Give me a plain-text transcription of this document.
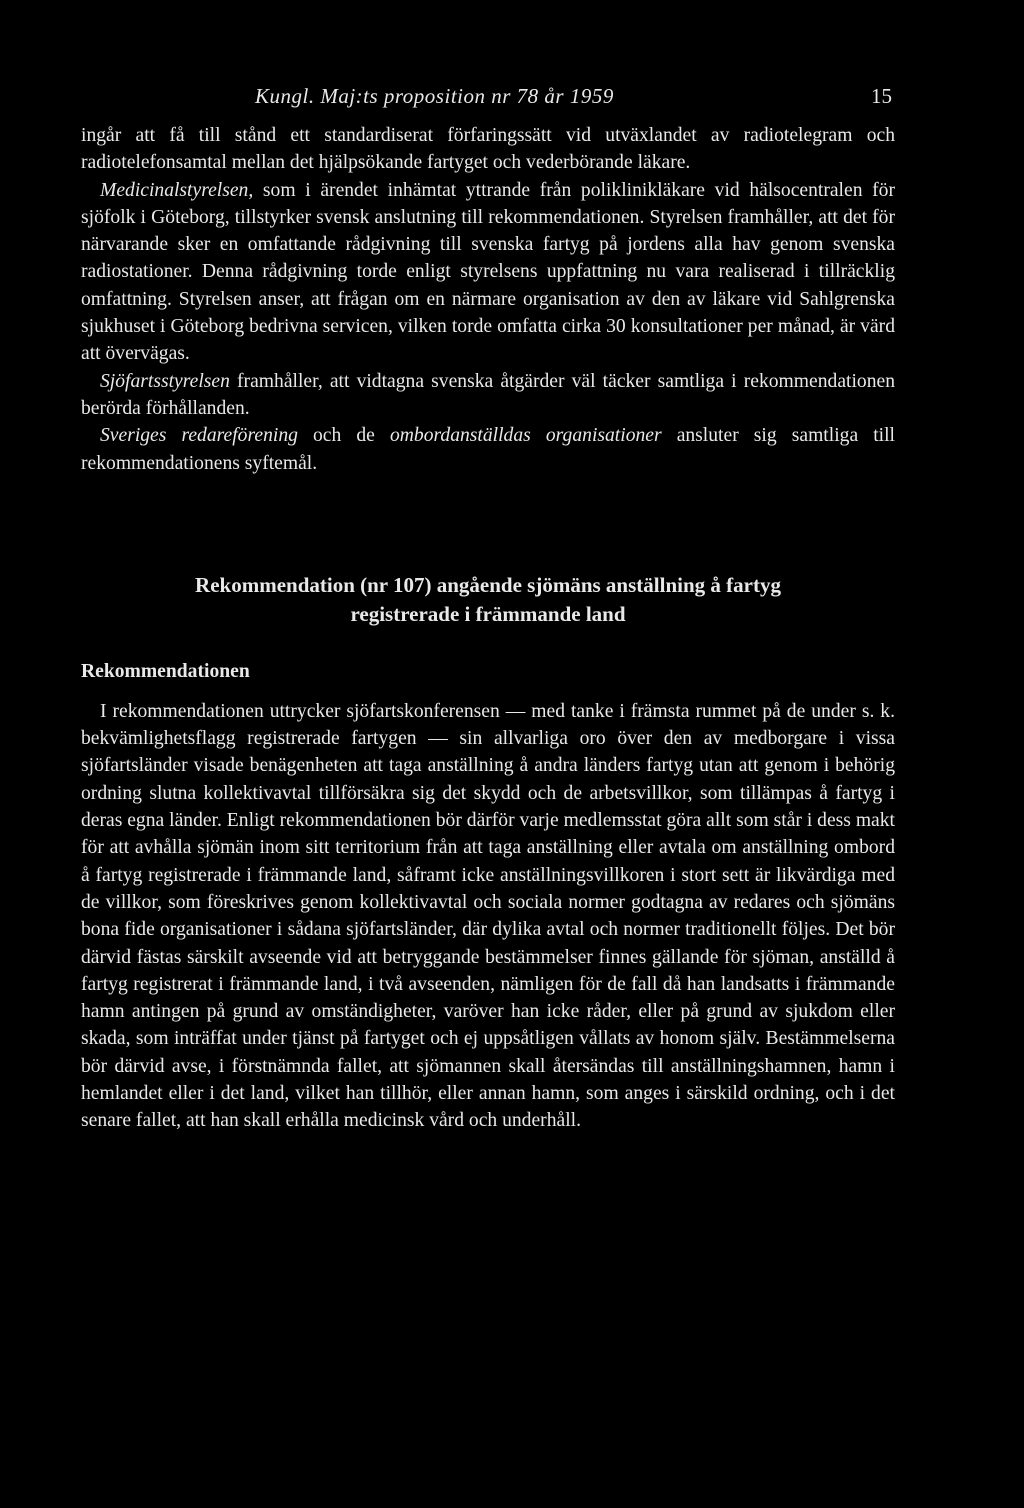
Kungl. Maj:ts proposition nr 78 år 1959	15

ingår att få till stånd ett standardiserat förfaringssätt vid utväxlandet av radiotelegram och radiotelefonsamtal mellan det hjälpsökande fartyget och vederbörande läkare.

Medicinalstyrelsen, som i ärendet inhämtat yttrande från poliklinikläkare vid hälsocentralen för sjöfolk i Göteborg, tillstyrker svensk anslutning till rekommendationen. Styrelsen framhåller, att det för närvarande sker en omfattande rådgivning till svenska fartyg på jordens alla hav genom svenska radiostationer. Denna rådgivning torde enligt styrelsens uppfattning nu vara realiserad i tillräcklig omfattning. Styrelsen anser, att frågan om en närmare organisation av den av läkare vid Sahlgrenska sjukhuset i Göteborg bedrivna servicen, vilken torde omfatta cirka 30 konsultationer per månad, är värd att övervägas.

Sjöfartsstyrelsen framhåller, att vidtagna svenska åtgärder väl täcker samtliga i rekommendationen berörda förhållanden.

Sveriges redareförening och de ombordanställdas organisationer ansluter sig samtliga till rekommendationens syftemål.

Rekommendation (nr 107) angående sjömäns anställning å fartyg
registrerade i främmande land
Rekommendationen

I rekommendationen uttrycker sjöfartskonferensen — med tanke i främsta rummet på de under s. k. bekvämlighetsflagg registrerade fartygen — sin allvarliga oro över den av medborgare i vissa sjöfartsländer visade benägenheten att taga anställning å andra länders fartyg utan att genom i behörig ordning slutna kollektivavtal tillförsäkra sig det skydd och de arbetsvillkor, som tillämpas å fartyg i deras egna länder. Enligt rekommendationen bör därför varje medlemsstat göra allt som står i dess makt för att avhålla sjömän inom sitt territorium från att taga anställning eller avtala om anställning ombord å fartyg registrerade i främmande land, såframt icke anställningsvillkoren i stort sett är likvärdiga med de villkor, som föreskrives genom kollektivavtal och sociala normer godtagna av redares och sjömäns bona fide organisationer i sådana sjöfartsländer, där dylika avtal och normer traditionellt följes. Det bör därvid fästas särskilt avseende vid att betryggande bestämmelser finnes gällande för sjöman, anställd å fartyg registrerat i främmande land, i två avseenden, nämligen för de fall då han landsatts i främmande hamn antingen på grund av omständigheter, varöver han icke råder, eller på grund av sjukdom eller skada, som inträffat under tjänst på fartyget och ej uppsåtligen vållats av honom själv. Bestämmelserna bör därvid avse, i förstnämnda fallet, att sjömannen skall återsändas till anställningshamnen, hamn i hemlandet eller i det land, vilket han tillhör, eller annan hamn, som anges i särskild ordning, och i det senare fallet, att han skall erhålla medicinsk vård och underhåll.
